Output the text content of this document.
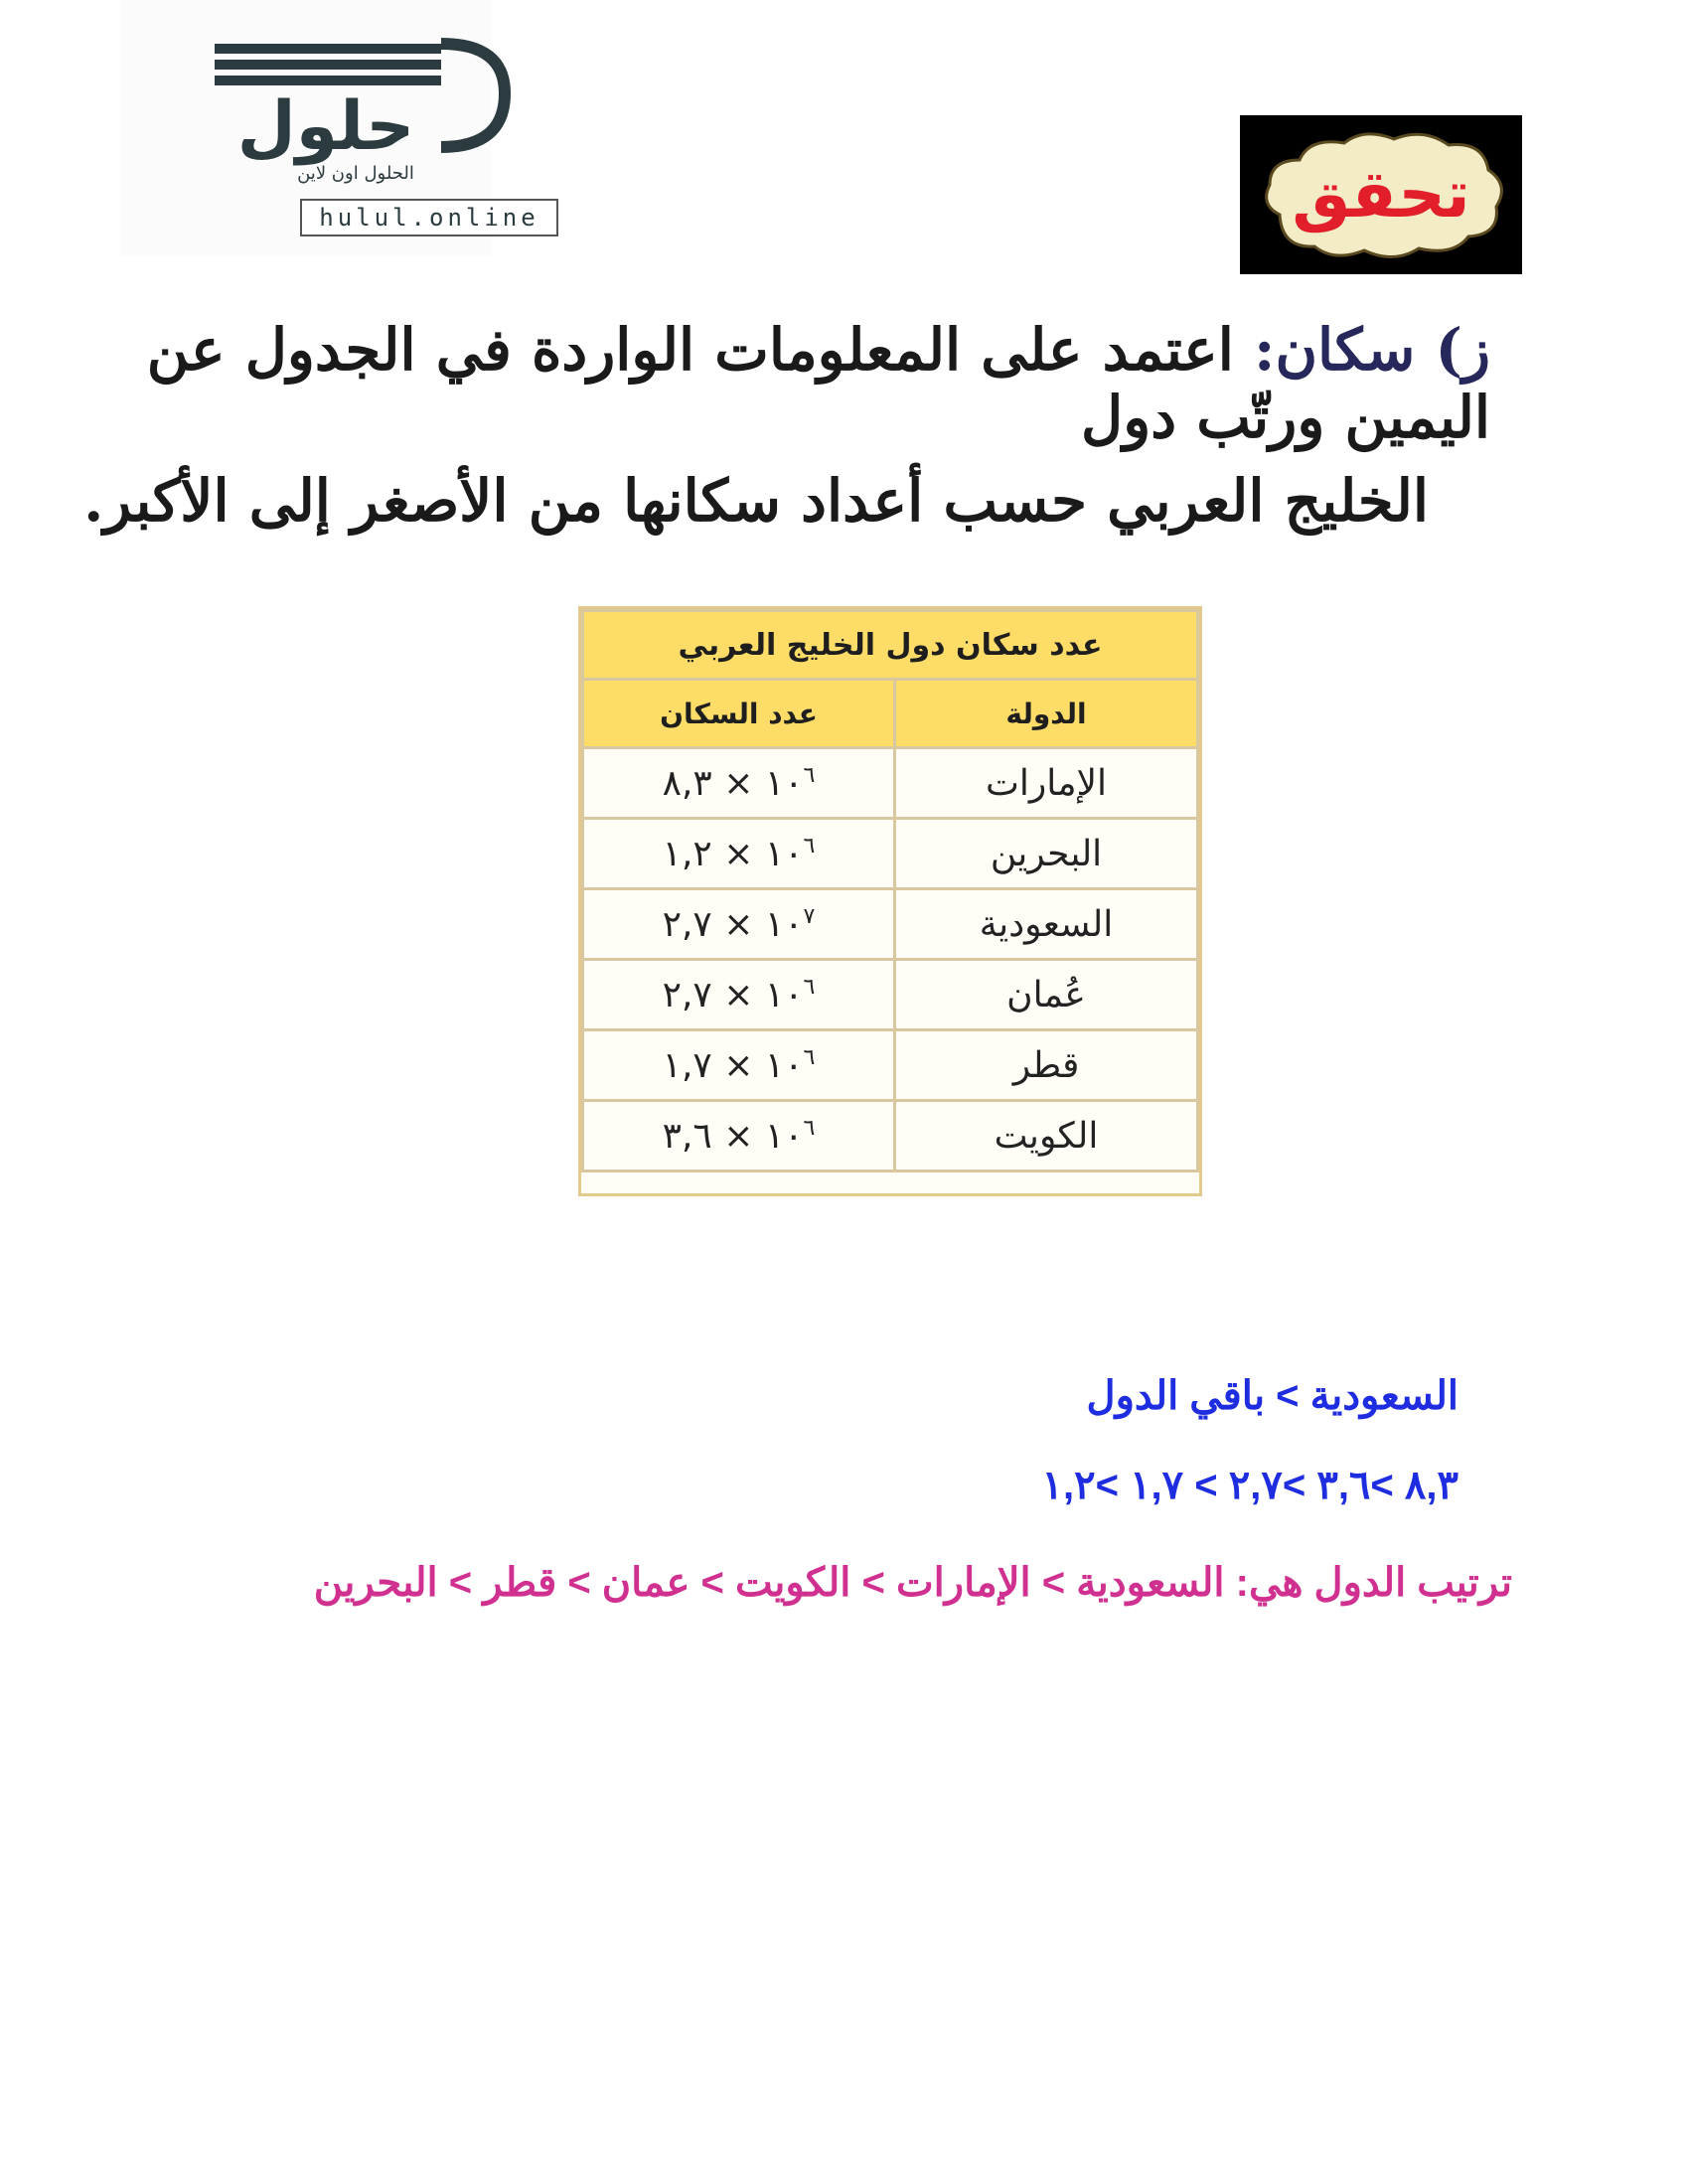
حلول
الحلول اون لاين
hulul.online	تحقق
ز) سكان: اعتمد على المعلومات الواردة في الجدول عن اليمين ورتّب دول
الخليج العربي حسب أعداد سكانها من الأصغر إلى الأكبر.
عدد سكان دول الخليج العربي	
الدولة	عدد السكان
الإمارات	$١٠^٦$ × ٨,٣
البحرين	$١٠^٦$ × ١,٢
السعودية	$١٠^٧$ × ٢,٧
عُمان	$١٠^٦$ × ٢,٧
قطر	$١٠^٦$ × ١,٧
الكويت	$١٠^٦$ × ٣,٦
السعودية > باقي الدول
٨,٣ >٣,٦ >٢,٧ > ١,٧ >١,٢
ترتيب الدول هي: السعودية > الإمارات > الكويت > عمان > قطر > البحرين
